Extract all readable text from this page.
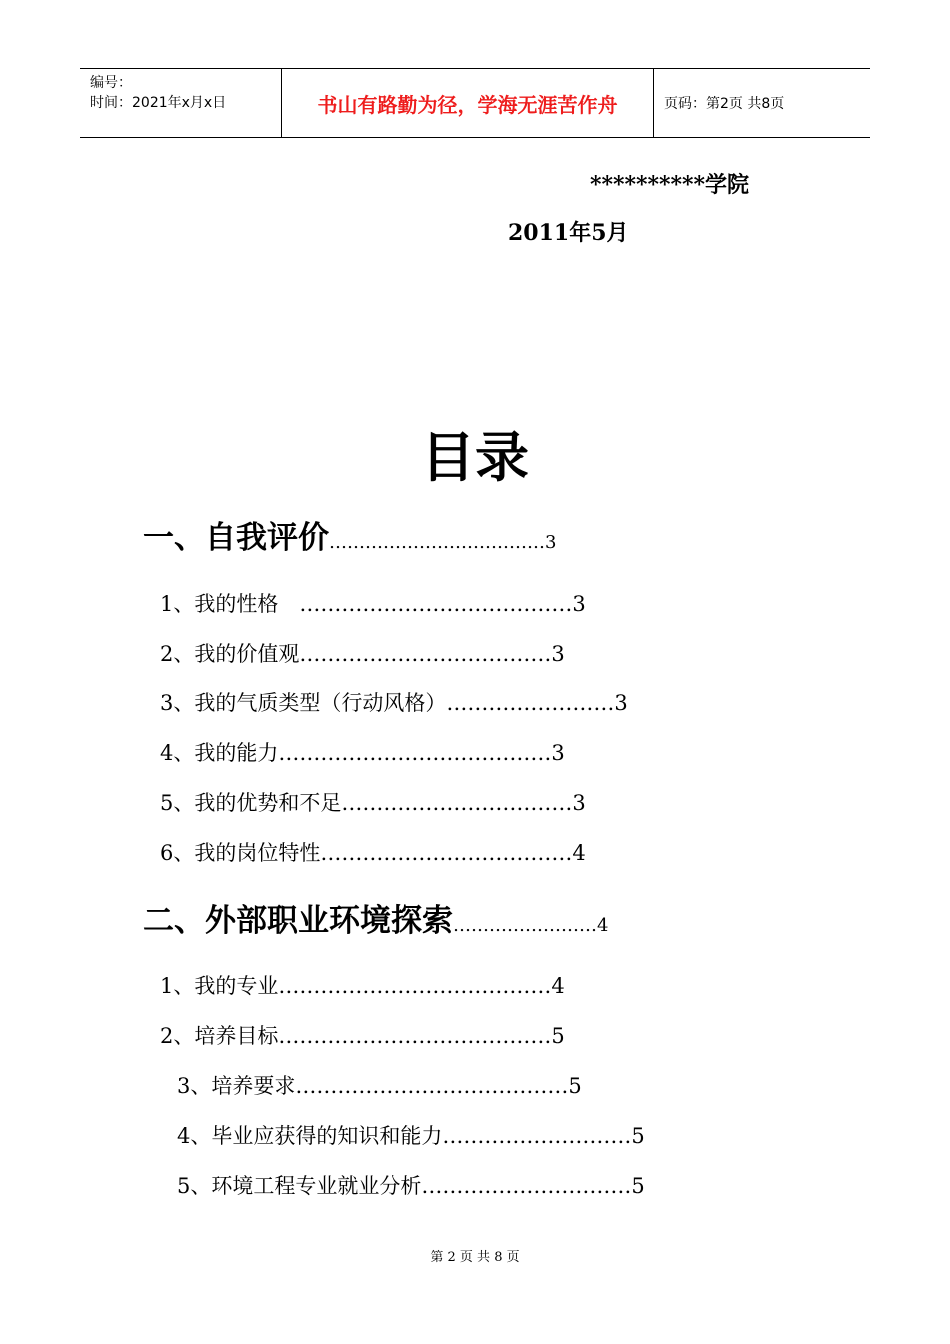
编号：
时间：2021年x月x日	书山有路勤为径，学海无涯苦作舟	页码：第2页 共8页
**********学院
2011年5月
目录
一、自我评价………………………………3
1、我的性格　…………………………………3
2、我的价值观………………………………3
3、我的气质类型（行动风格）……………………3
4、我的能力…………………………………3
5、我的优势和不足……………………………3
6、我的岗位特性………………………………4
二、外部职业环境探索……………………4
1、我的专业…………………………………4
2、培养目标…………………………………5
3、培养要求…………………………………5
4、毕业应获得的知识和能力………………………5
5、环境工程专业就业分析…………………………5
第 2 页 共 8 页
